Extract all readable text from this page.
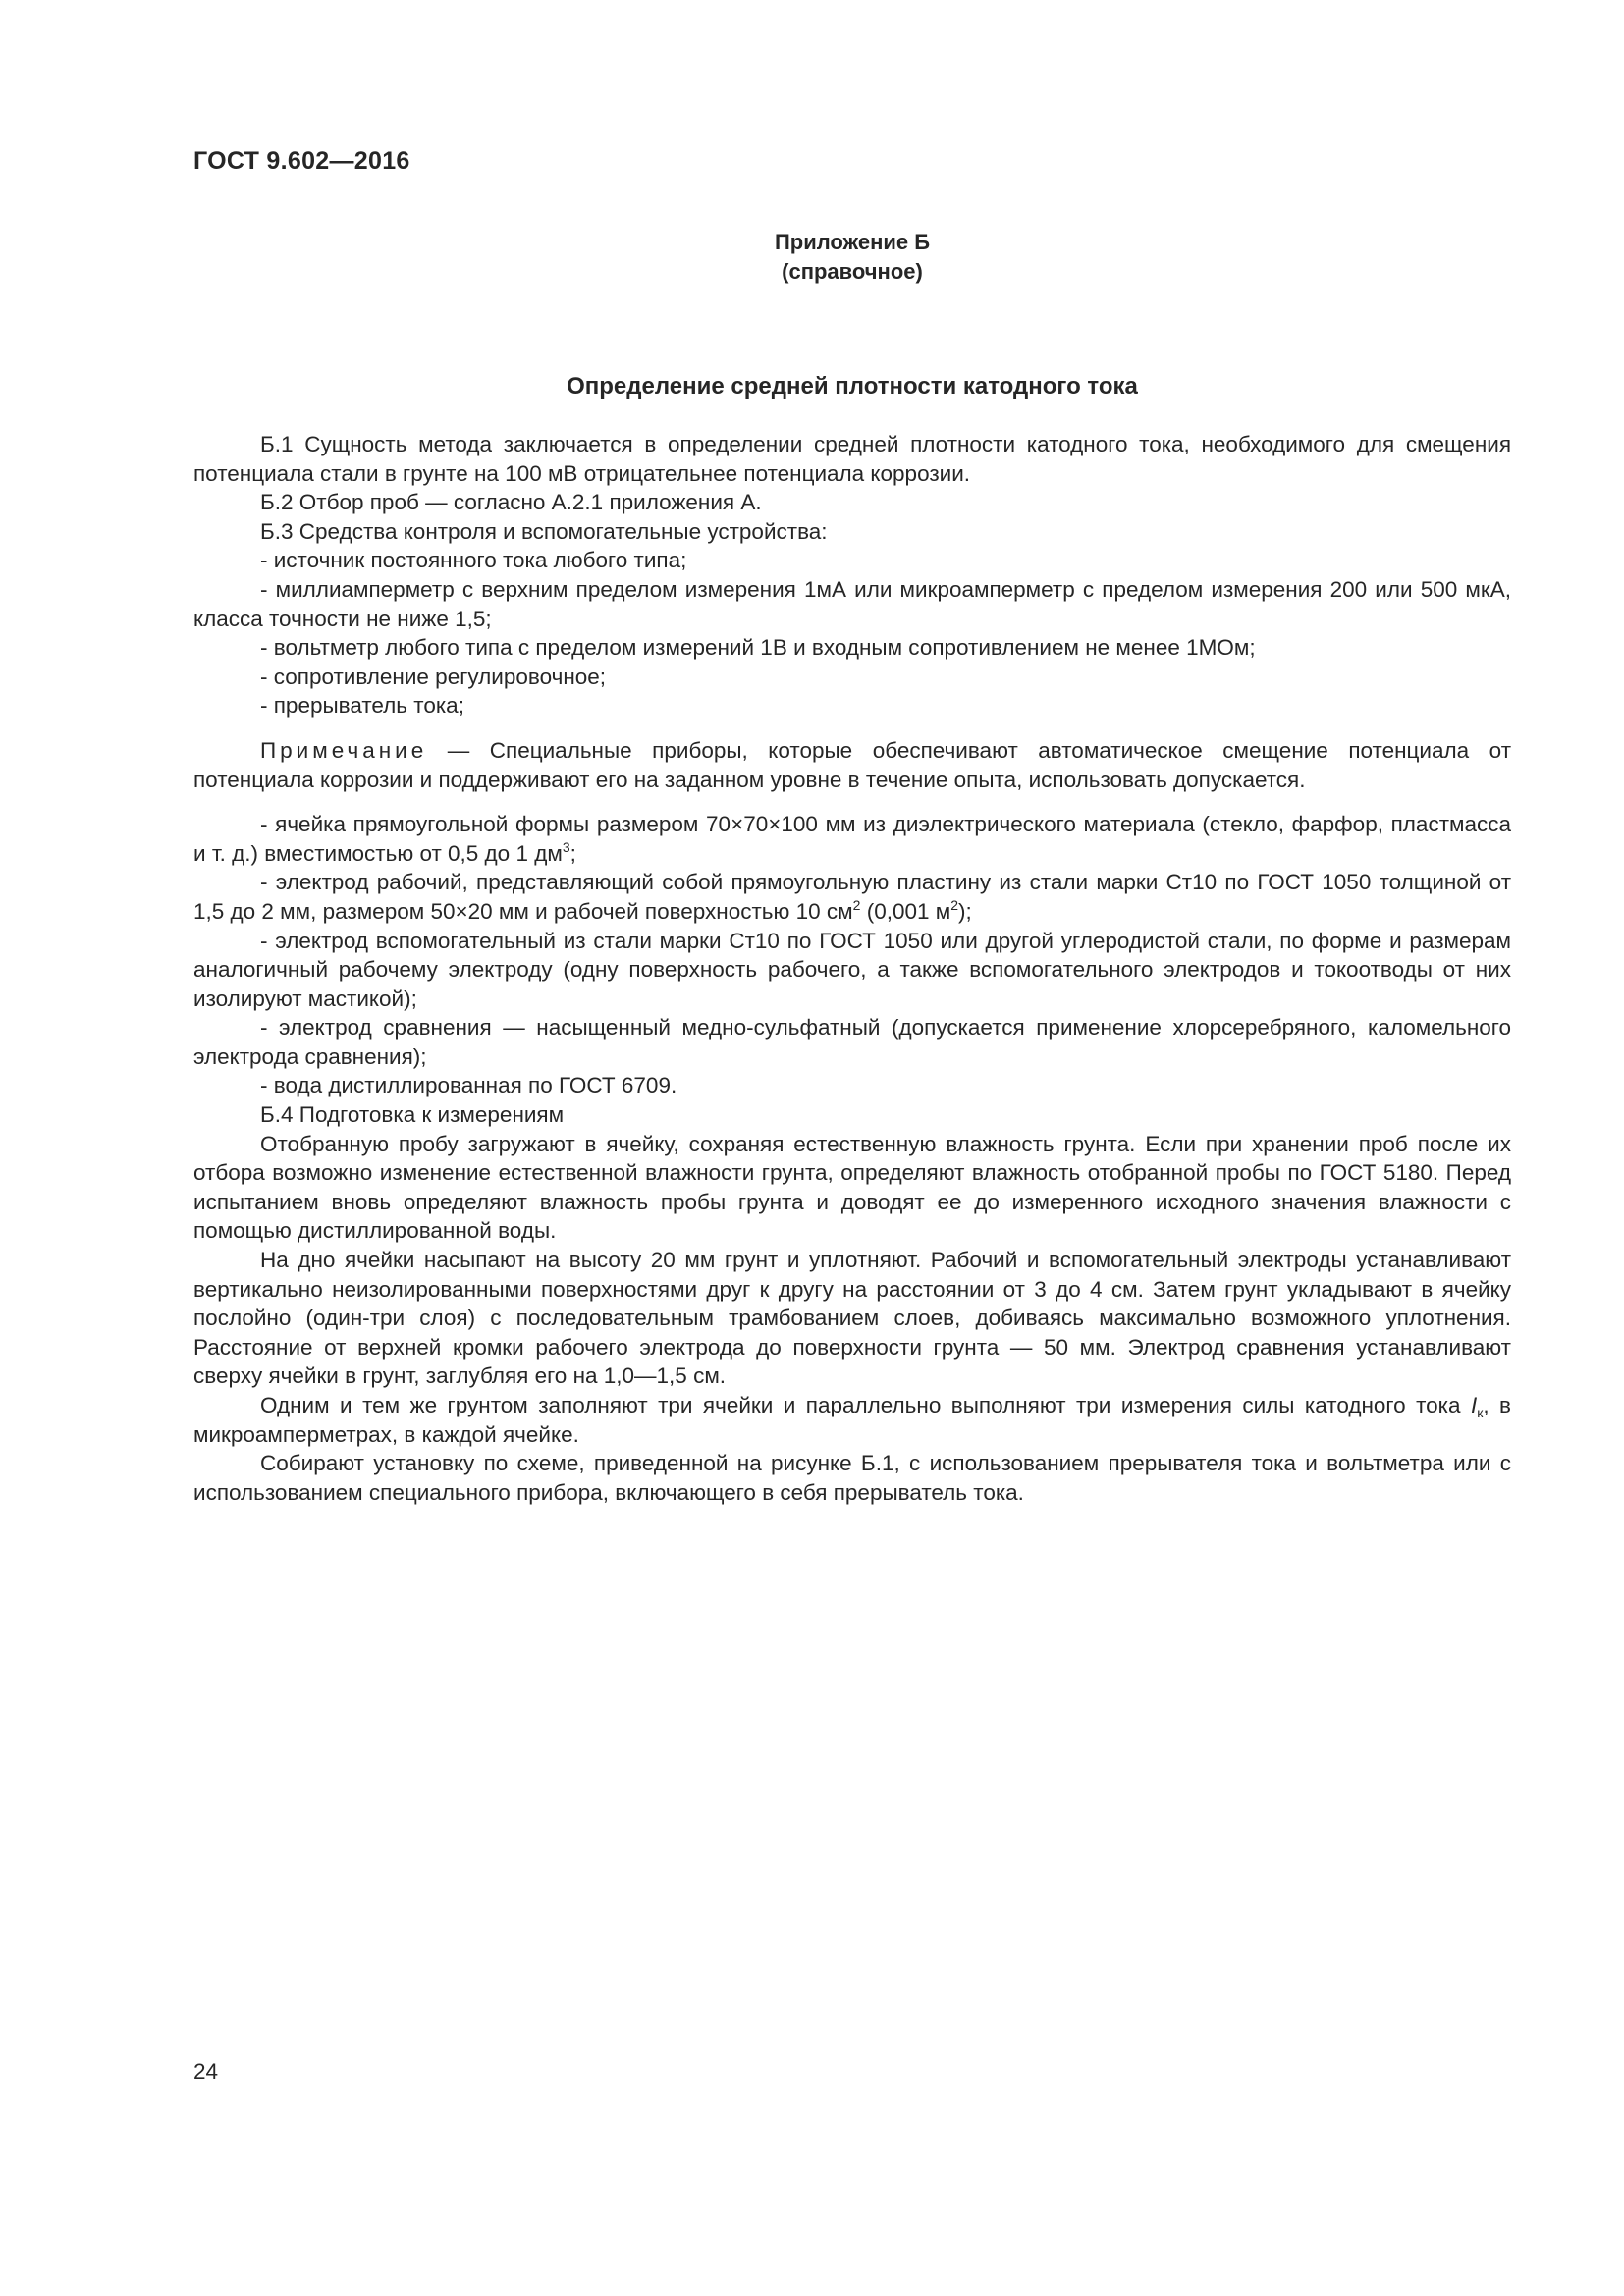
ГОСТ 9.602—2016
Приложение Б
(справочное)
Определение средней плотности катодного тока

Б.1 Сущность метода заключается в определении средней плотности катодного тока, необходимого для смещения потенциала стали в грунте на 100 мВ отрицательнее потенциала коррозии.

Б.2 Отбор проб — согласно А.2.1 приложения А.

Б.3 Средства контроля и вспомогательные устройства:

- источник постоянного тока любого типа;

- миллиамперметр с верхним пределом измерения 1мА или микроамперметр с пределом измерения 200 или 500 мкА, класса точности не ниже 1,5;

- вольтметр любого типа с пределом измерений 1В и входным сопротивлением не менее 1МОм;

- сопротивление регулировочное;

- прерыватель тока;

Примечание — Специальные приборы, которые обеспечивают автоматическое смещение потенциала от потенциала коррозии и поддерживают его на заданном уровне в течение опыта, использовать допускается.

- ячейка прямоугольной формы размером 70×70×100 мм из диэлектрического материала (стекло, фарфор, пластмасса и т. д.) вместимостью от 0,5 до 1 $дм^3$;

- электрод рабочий, представляющий собой прямоугольную пластину из стали марки Ст10 по ГОСТ 1050 толщиной от 1,5 до 2 мм, размером 50×20 мм и рабочей поверхностью 10 $см^2$ (0,001 $м^2$);

- электрод вспомогательный из стали марки Ст10 по ГОСТ 1050 или другой углеродистой стали, по форме и размерам аналогичный рабочему электроду (одну поверхность рабочего, а также вспомогательного электродов и токоотводы от них изолируют мастикой);

- электрод сравнения — насыщенный медно-сульфатный (допускается применение хлорсеребряного, каломельного электрода сравнения);

- вода дистиллированная по ГОСТ 6709.

Б.4 Подготовка к измерениям

Отобранную пробу загружают в ячейку, сохраняя естественную влажность грунта. Если при хранении проб после их отбора возможно изменение естественной влажности грунта, определяют влажность отобранной пробы по ГОСТ 5180. Перед испытанием вновь определяют влажность пробы грунта и доводят ее до измеренного исходного значения влажности с помощью дистиллированной воды.

На дно ячейки насыпают на высоту 20 мм грунт и уплотняют. Рабочий и вспомогательный электроды устанавливают вертикально неизолированными поверхностями друг к другу на расстоянии от 3 до 4 см. Затем грунт укладывают в ячейку послойно (один-три слоя) с последовательным трамбованием слоев, добиваясь максимально возможного уплотнения. Расстояние от верхней кромки рабочего электрода до поверхности грунта — 50 мм. Электрод сравнения устанавливают сверху ячейки в грунт, заглубляя его на 1,0—1,5 см.

Одним и тем же грунтом заполняют три ячейки и параллельно выполняют три измерения силы катодного тока $I_к$, в микроамперметрах, в каждой ячейке.

Собирают установку по схеме, приведенной на рисунке Б.1, с использованием прерывателя тока и вольтметра или с использованием специального прибора, включающего в себя прерыватель тока.

24
